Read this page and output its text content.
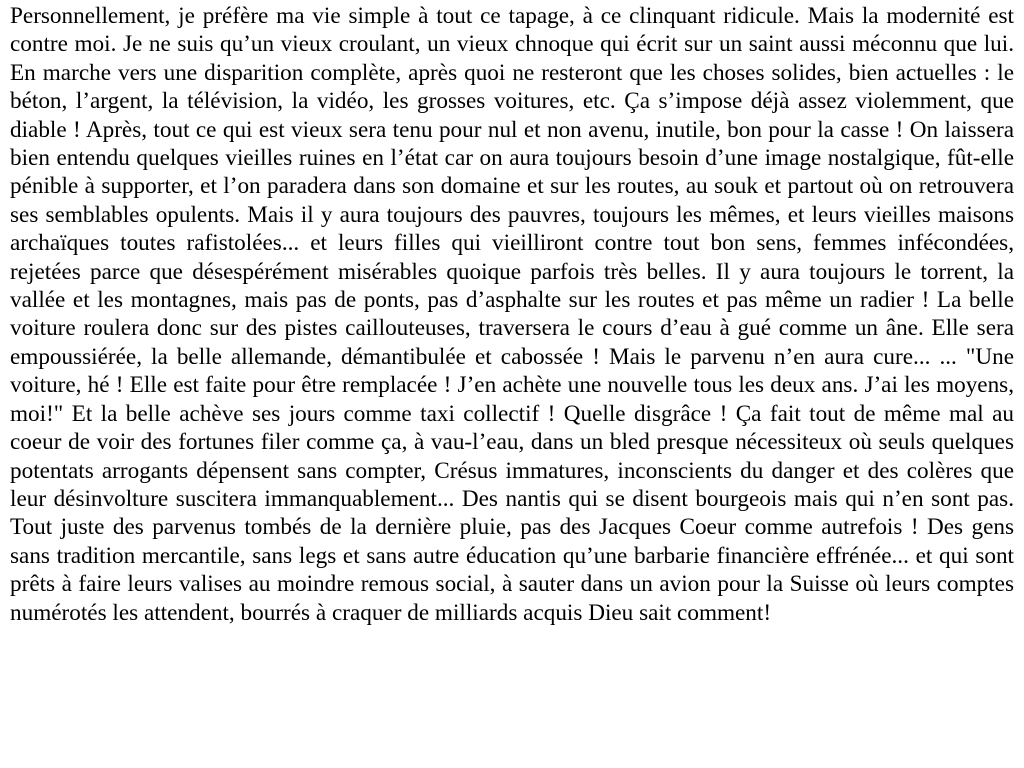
Personnellement, je préfère ma vie simple à tout ce tapage, à ce clinquant ridicule. Mais la modernité est contre moi. Je ne suis qu’un vieux croulant, un vieux chnoque qui écrit sur un saint aussi méconnu que lui. En marche vers une disparition complète, après quoi ne resteront que les choses solides, bien actuelles : le béton, l’argent, la télévision, la vidéo, les grosses voitures, etc. Ça s’impose déjà assez violemment, que diable ! Après, tout ce qui est vieux sera tenu pour nul et non avenu, inutile, bon pour la casse ! On laissera bien entendu quelques vieilles ruines en l’état car on aura toujours besoin d’une image nostalgique, fût-elle pénible à supporter, et l’on paradera dans son domaine et sur les routes, au souk et partout où on retrouvera ses semblables opulents. Mais il y aura toujours des pauvres, toujours les mêmes, et leurs vieilles maisons archaïques toutes rafistolées... et leurs filles qui vieilliront contre tout bon sens, femmes infécondées, rejetées parce que désespérément misérables quoique parfois très belles. Il y aura toujours le torrent, la vallée et les montagnes, mais pas de ponts, pas d’asphalte sur les routes et pas même un radier ! La belle voiture roulera donc sur des pistes caillouteuses, traversera le cours d’eau à gué comme un âne. Elle sera empoussiérée, la belle allemande, démantibulée et cabossée ! Mais le parvenu n’en aura cure... ... "Une voiture, hé ! Elle est faite pour être remplacée ! J’en achète une nouvelle tous les deux ans. J’ai les moyens, moi!" Et la belle achève ses jours comme taxi collectif ! Quelle disgrâce ! Ça fait tout de même mal au coeur de voir des fortunes filer comme ça, à vau-l’eau, dans un bled presque nécessiteux où seuls quelques potentats arrogants dépensent sans compter, Crésus immatures, inconscients du danger et des colères que leur désinvolture suscitera immanquablement... Des nantis qui se disent bourgeois mais qui n’en sont pas. Tout juste des parvenus tombés de la dernière pluie, pas des Jacques Coeur comme autrefois ! Des gens sans tradition mercantile, sans legs et sans autre éducation qu’une barbarie financière effrénée... et qui sont prêts à faire leurs valises au moindre remous social, à sauter dans un avion pour la Suisse où leurs comptes numérotés les attendent, bourrés à craquer de milliards acquis Dieu sait comment!
